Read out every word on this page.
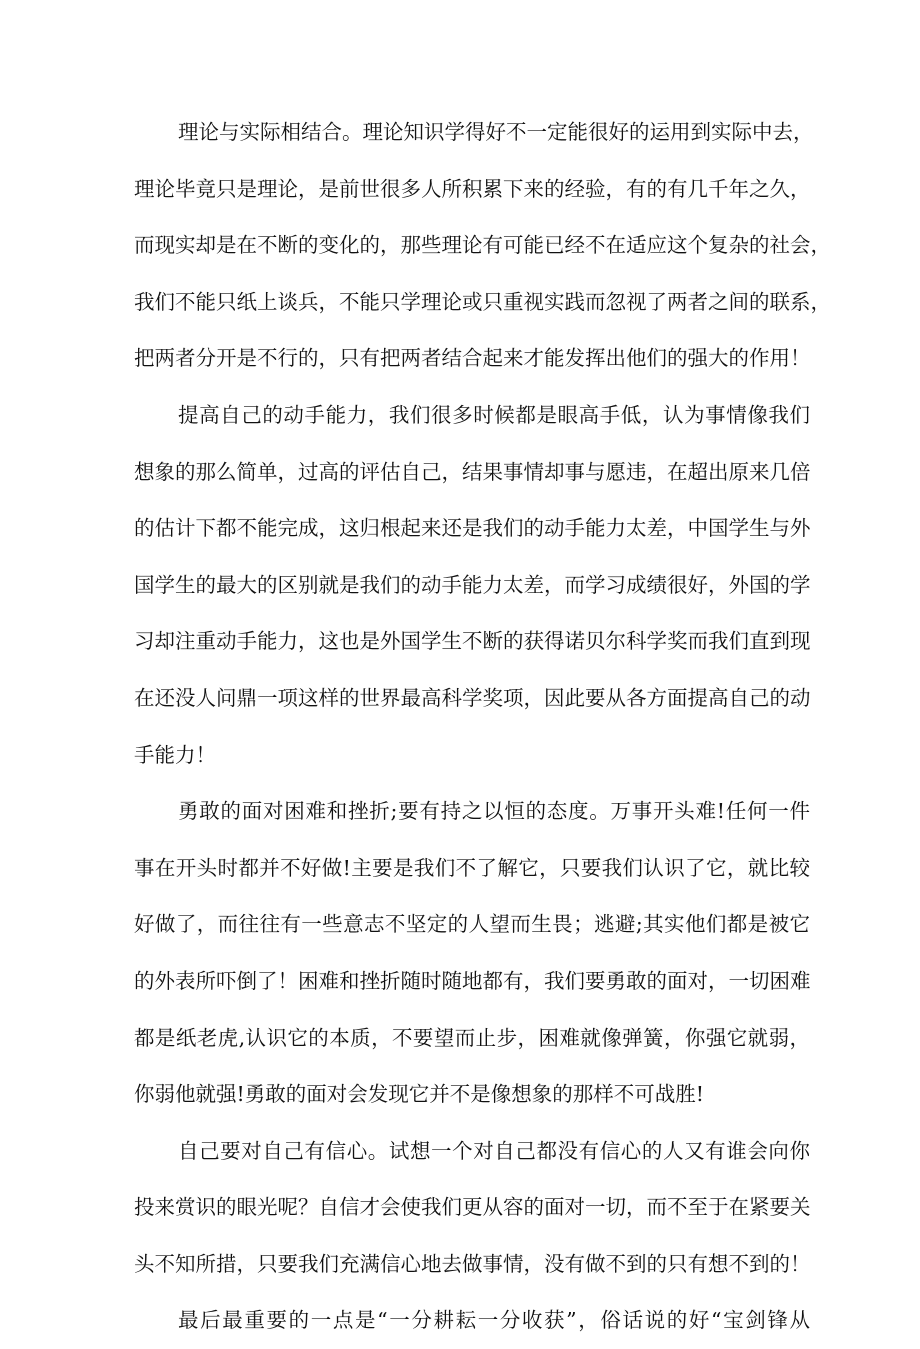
理论与实际相结合。理论知识学得好不一定能很好的运用到实际中去，
理论毕竟只是理论，是前世很多人所积累下来的经验，有的有几千年之久，
而现实却是在不断的变化的，那些理论有可能已经不在适应这个复杂的社会，
我们不能只纸上谈兵，不能只学理论或只重视实践而忽视了两者之间的联系，
把两者分开是不行的，只有把两者结合起来才能发挥出他们的强大的作用！
提高自己的动手能力，我们很多时候都是眼高手低，认为事情像我们
想象的那么简单，过高的评估自己，结果事情却事与愿违，在超出原来几倍
的估计下都不能完成，这归根起来还是我们的动手能力太差，中国学生与外
国学生的最大的区别就是我们的动手能力太差，而学习成绩很好，外国的学
习却注重动手能力，这也是外国学生不断的获得诺贝尔科学奖而我们直到现
在还没人问鼎一项这样的世界最高科学奖项，因此要从各方面提高自己的动
手能力！
勇敢的面对困难和挫折;要有持之以恒的态度。万事开头难!任何一件
事在开头时都并不好做!主要是我们不了解它，只要我们认识了它，就比较
好做了，而往往有一些意志不坚定的人望而生畏；逃避;其实他们都是被它
的外表所吓倒了！困难和挫折随时随地都有，我们要勇敢的面对，一切困难
都是纸老虎,认识它的本质，不要望而止步，困难就像弹簧，你强它就弱，
你弱他就强!勇敢的面对会发现它并不是像想象的那样不可战胜!
自己要对自己有信心。试想一个对自己都没有信心的人又有谁会向你
投来赏识的眼光呢？自信才会使我们更从容的面对一切，而不至于在紧要关
头不知所措，只要我们充满信心地去做事情，没有做不到的只有想不到的！
最后最重要的一点是“一分耕耘一分收获”，俗话说的好“宝剑锋从
